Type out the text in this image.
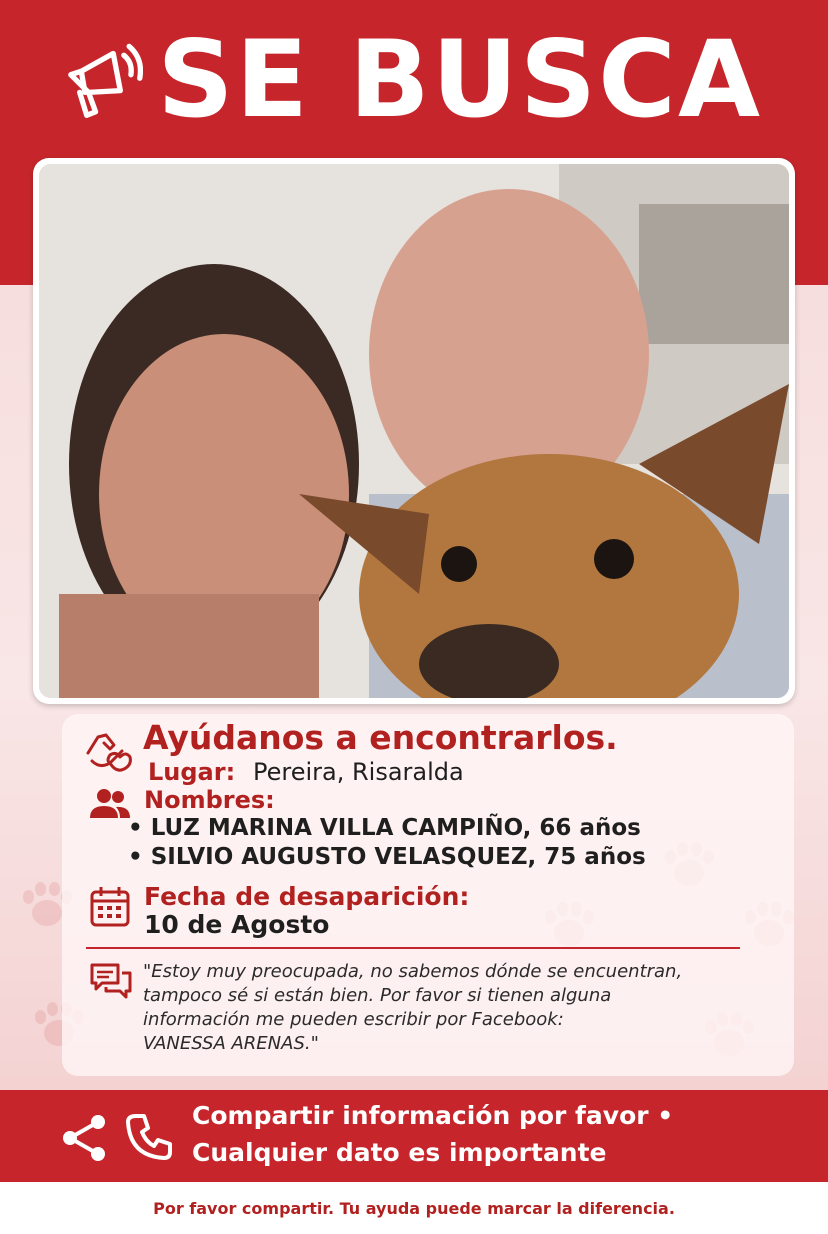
SE BUSCA
Ayúdanos a encontrarlos.
Lugar: Pereira, Risaralda
Nombres:
• LUZ MARINA VILLA CAMPIÑO, 66 años
• SILVIO AUGUSTO VELASQUEZ, 75 años
Fecha de desaparición:
10 de Agosto
"Estoy muy preocupada, no sabemos dónde se encuentran,
tampoco sé si están bien. Por favor si tienen alguna
información me pueden escribir por Facebook:
VANESSA ARENAS."
Compartir información por favor •
Cualquier dato es importante
Por favor compartir. Tu ayuda puede marcar la diferencia.
